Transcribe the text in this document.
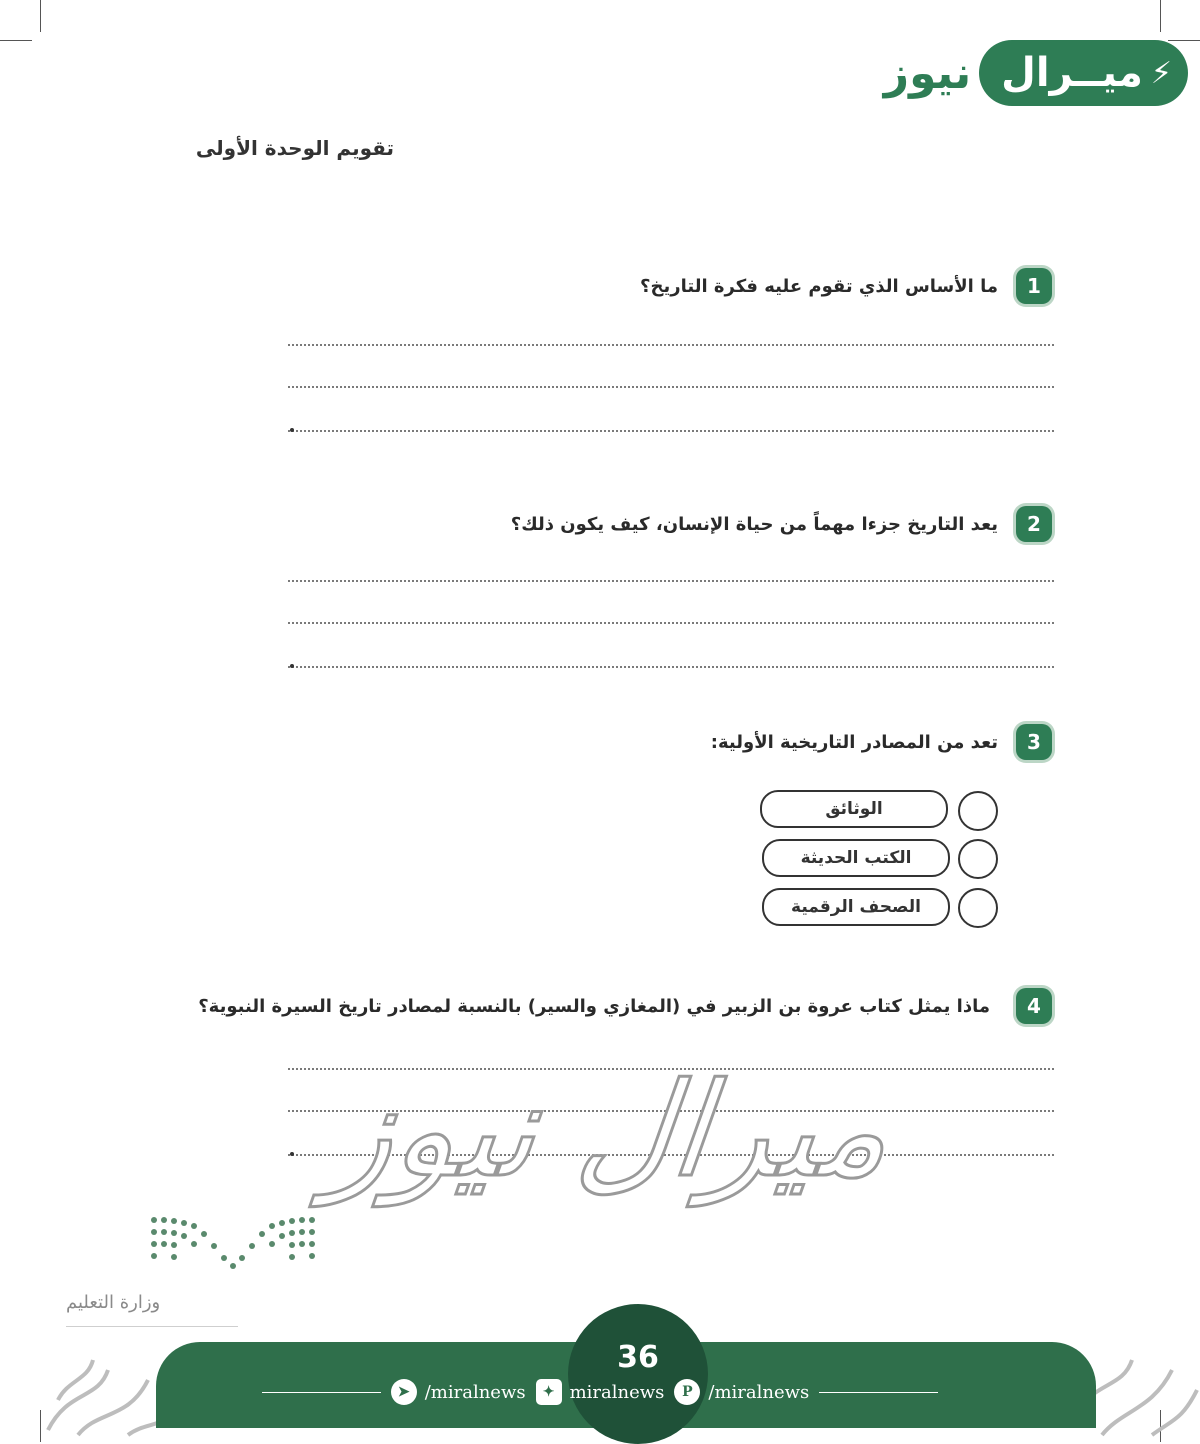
⚡
ميــرال
نيوز
تقويم الوحدة الأولى
1
ما الأساس الذي تقوم عليه فكرة التاريخ؟
2
يعد التاريخ جزءا مهماً من حياة الإنسان، كيف يكون ذلك؟
3
تعد من المصادر التاريخية الأولية:
الوثائق
الكتب الحديثة
الصحف الرقمية
4
ماذا يمثل كتاب عروة بن الزبير في (المغازي والسير) بالنسبة لمصادر تاريخ السيرة النبوية؟
ميرال نيوز
وزارة التعليم
36
➤ /miralnews	✦ miralnews	P /miralnews
